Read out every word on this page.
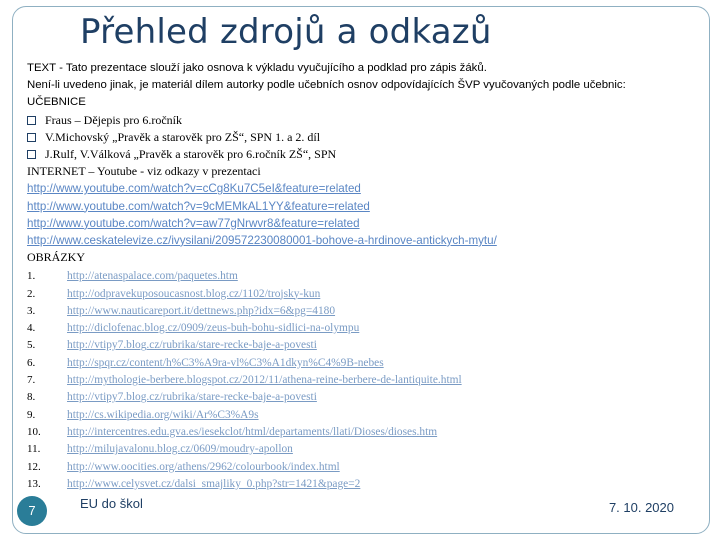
Přehled zdrojů a odkazů
TEXT - Tato prezentace slouží jako osnova k výkladu vyučujícího a podklad pro zápis žáků.
Není-li uvedeno jinak, je materiál dílem autorky podle učebních osnov odpovídajících ŠVP vyučovaných podle učebnic:
UČEBNICE
Fraus – Dějepis pro 6.ročník
V.Michovský „Pravěk a starověk pro ZŠ“, SPN 1. a 2. díl
J.Rulf, V.Válková „Pravěk a starověk pro 6.ročník ZŠ“, SPN
INTERNET – Youtube - viz odkazy v prezentaci
http://www.youtube.com/watch?v=cCg8Ku7C5eI&feature=related
http://www.youtube.com/watch?v=9cMEMkAL1YY&feature=related
http://www.youtube.com/watch?v=aw77gNrwvr8&feature=related
http://www.ceskatelevize.cz/ivysilani/209572230080001-bohove-a-hrdinove-antickych-mytu/
OBRÁZKY
1.	http://atenaspalace.com/paquetes.htm
2.	http://odpravekuposoucasnost.blog.cz/1102/trojsky-kun
3.	http://www.nauticareport.it/dettnews.php?idx=6&pg=4180
4.	http://diclofenac.blog.cz/0909/zeus-buh-bohu-sidlici-na-olympu
5.	http://vtipy7.blog.cz/rubrika/stare-recke-baje-a-povesti
6.	http://spqr.cz/content/h%C3%A9ra-vl%C3%A1dkyn%C4%9B-nebes
7.	http://mythologie-berbere.blogspot.cz/2012/11/athena-reine-berbere-de-lantiquite.html
8.	http://vtipy7.blog.cz/rubrika/stare-recke-baje-a-povesti
9.	http://cs.wikipedia.org/wiki/Ar%C3%A9s
10. http://intercentres.edu.gva.es/iesekclot/html/departaments/llati/Dioses/dioses.htm
11. http://milujavalonu.blog.cz/0609/moudry-apollon
12. http://www.oocities.org/athens/2962/colourbook/index.html
13. http://www.celysvet.cz/dalsi_smajliky_0.php?str=1421&page=2
7	EU do škol	7. 10. 2020
